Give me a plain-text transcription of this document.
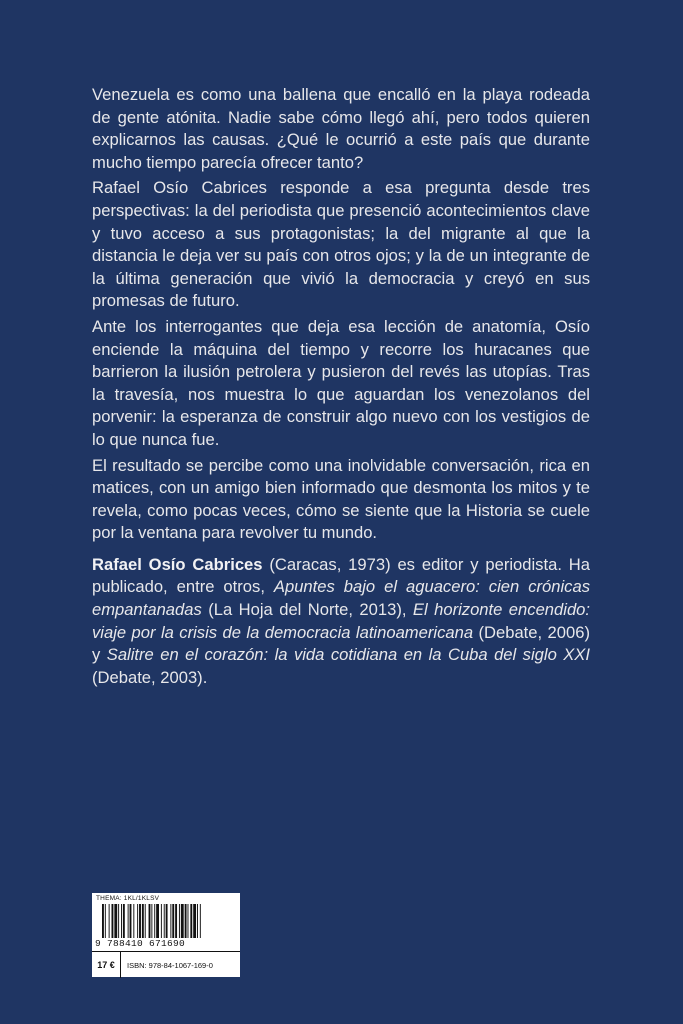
Venezuela es como una ballena que encalló en la playa rodeada de gente atónita. Nadie sabe cómo llegó ahí, pero todos quieren explicarnos las causas. ¿Qué le ocurrió a este país que durante mucho tiempo parecía ofrecer tanto?

Rafael Osío Cabrices responde a esa pregunta desde tres perspectivas: la del periodista que presenció acontecimientos clave y tuvo acceso a sus protagonistas; la del migrante al que la distancia le deja ver su país con otros ojos; y la de un integrante de la última generación que vivió la democracia y creyó en sus promesas de futuro.

Ante los interrogantes que deja esa lección de anatomía, Osío enciende la máquina del tiempo y recorre los huracanes que barrieron la ilusión petrolera y pusieron del revés las utopías. Tras la travesía, nos muestra lo que aguardan los venezolanos del porvenir: la esperanza de construir algo nuevo con los vestigios de lo que nunca fue.

El resultado se percibe como una inolvidable conversación, rica en matices, con un amigo bien informado que desmonta los mitos y te revela, como pocas veces, cómo se siente que la Historia se cuele por la ventana para revolver tu mundo.

Rafael Osío Cabrices (Caracas, 1973) es editor y periodista. Ha publicado, entre otros, Apuntes bajo el aguacero: cien crónicas empantanadas (La Hoja del Norte, 2013), El horizonte encendido: viaje por la crisis de la democracia latinoamericana (Debate, 2006) y Salitre en el corazón: la vida cotidiana en la Cuba del siglo XXI (Debate, 2003).

THEMA: 1KL/1KLSV
9 788410 671690
17 €	ISBN: 978-84-1067-169-0
